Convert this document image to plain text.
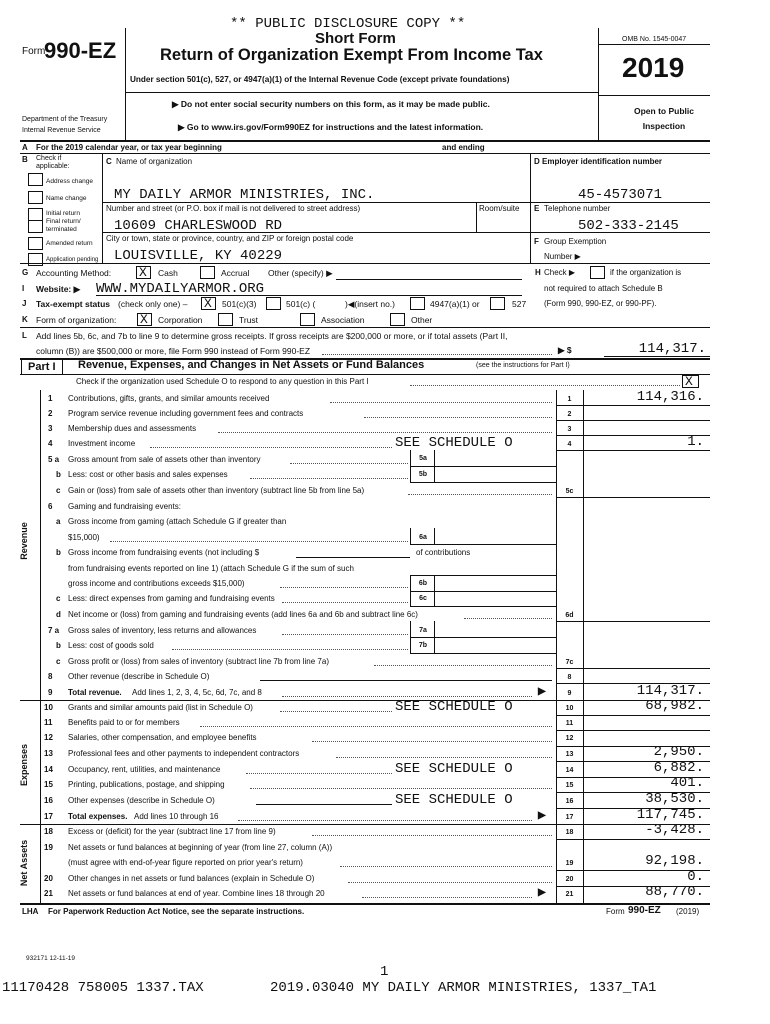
** PUBLIC DISCLOSURE COPY **
Form
990-EZ	Short Form
Return of Organization Exempt From Income Tax
Under section 501(c), 527, or 4947(a)(1) of the Internal Revenue Code (except private foundations)
▶ Do not enter social security numbers on this form, as it may be made public.
▶ Go to www.irs.gov/Form990EZ for instructions and the latest information.
Department of the Treasury
Internal Revenue Service
OMB No. 1545-0047
2019
Open to Public
Inspection
A For the 2019 calendar year, or tax year beginning	and ending
B Check if
applicable:
Address change
Name change
Initial return
Final return/
terminated
Amended return
Application pending
C Name of organization
MY DAILY ARMOR MINISTRIES, INC.
Number and street (or P.O. box if mail is not delivered to street address)	Room/suite
10609 CHARLESWOOD RD
City or town, state or province, country, and ZIP or foreign postal code
LOUISVILLE, KY 40229
D Employer identification number
45-4573071
E Telephone number
502-333-2145
F Group Exemption
Number ▶
G Accounting Method: X Cash	Accrual Other (specify) ▶	H Check ▶	if the organization is
not required to attach Schedule B
(Form 990, 990-EZ, or 990-PF).
I Website: ▶ WWW.MYDAILYARMOR.ORG
J Tax-exempt status (check only one) – X 501(c)(3)	501(c) (	)◀(insert no.)	4947(a)(1) or	527
K Form of organization: X Corporation	Trust	Association	Other
L Add lines 5b, 6c, and 7b to line 9 to determine gross receipts. If gross receipts are $200,000 or more, or if total assets (Part II,
column (B)) are $500,000 or more, file Form 990 instead of Form 990-EZ	▶ $	114,317.
Part I	Revenue, Expenses, and Changes in Net Assets or Fund Balances	(see the instructions for Part I)
Check if the organization used Schedule O to respond to any question in this Part I	X
Revenue
Expenses
Net Assets
1 Contributions, gifts, grants, and similar amounts received	1	114,316.
2 Program service revenue including government fees and contracts	2
3 Membership dues and assessments	3
4 Investment income	SEE SCHEDULE O	4	1.
5 a Gross amount from sale of assets other than inventory	5a
b Less: cost or other basis and sales expenses	5b
c Gain or (loss) from sale of assets other than inventory (subtract line 5b from line 5a)	5c
6 Gaming and fundraising events:
a Gross income from gaming (attach Schedule G if greater than
$15,000)	6a
b Gross income from fundraising events (not including $	of contributions
from fundraising events reported on line 1) (attach Schedule G if the sum of such
gross income and contributions exceeds $15,000)	6b
c Less: direct expenses from gaming and fundraising events	6c
d Net income or (loss) from gaming and fundraising events (add lines 6a and 6b and subtract line 6c)	6d
7 a Gross sales of inventory, less returns and allowances	7a
b Less: cost of goods sold	7b
c Gross profit or (loss) from sales of inventory (subtract line 7b from line 7a)	7c
8 Other revenue (describe in Schedule O)	8
9 Total revenue. Add lines 1, 2, 3, 4, 5c, 6d, 7c, and 8	▶	9	114,317.
10 Grants and similar amounts paid (list in Schedule O)	SEE SCHEDULE O	10	68,982.
11 Benefits paid to or for members	11
12 Salaries, other compensation, and employee benefits	12
13 Professional fees and other payments to independent contractors	13	2,950.
14 Occupancy, rent, utilities, and maintenance	SEE SCHEDULE O	14	6,882.
15 Printing, publications, postage, and shipping	15	401.
16 Other expenses (describe in Schedule O)	SEE SCHEDULE O	16	38,530.
17 Total expenses. Add lines 10 through 16	▶	17	117,745.
18 Excess or (deficit) for the year (subtract line 17 from line 9)	18	-3,428.
19 Net assets or fund balances at beginning of year (from line 27, column (A))
(must agree with end-of-year figure reported on prior year's return)	19	92,198.
20 Other changes in net assets or fund balances (explain in Schedule O)	20	0.
21 Net assets or fund balances at end of year. Combine lines 18 through 20	▶	21	88,770.
LHA For Paperwork Reduction Act Notice, see the separate instructions.	Form 990-EZ (2019)
932171 12-11-19
1
11170428 758005 1337.TAX	2019.03040 MY DAILY ARMOR MINISTRIES, 1337_TA1
